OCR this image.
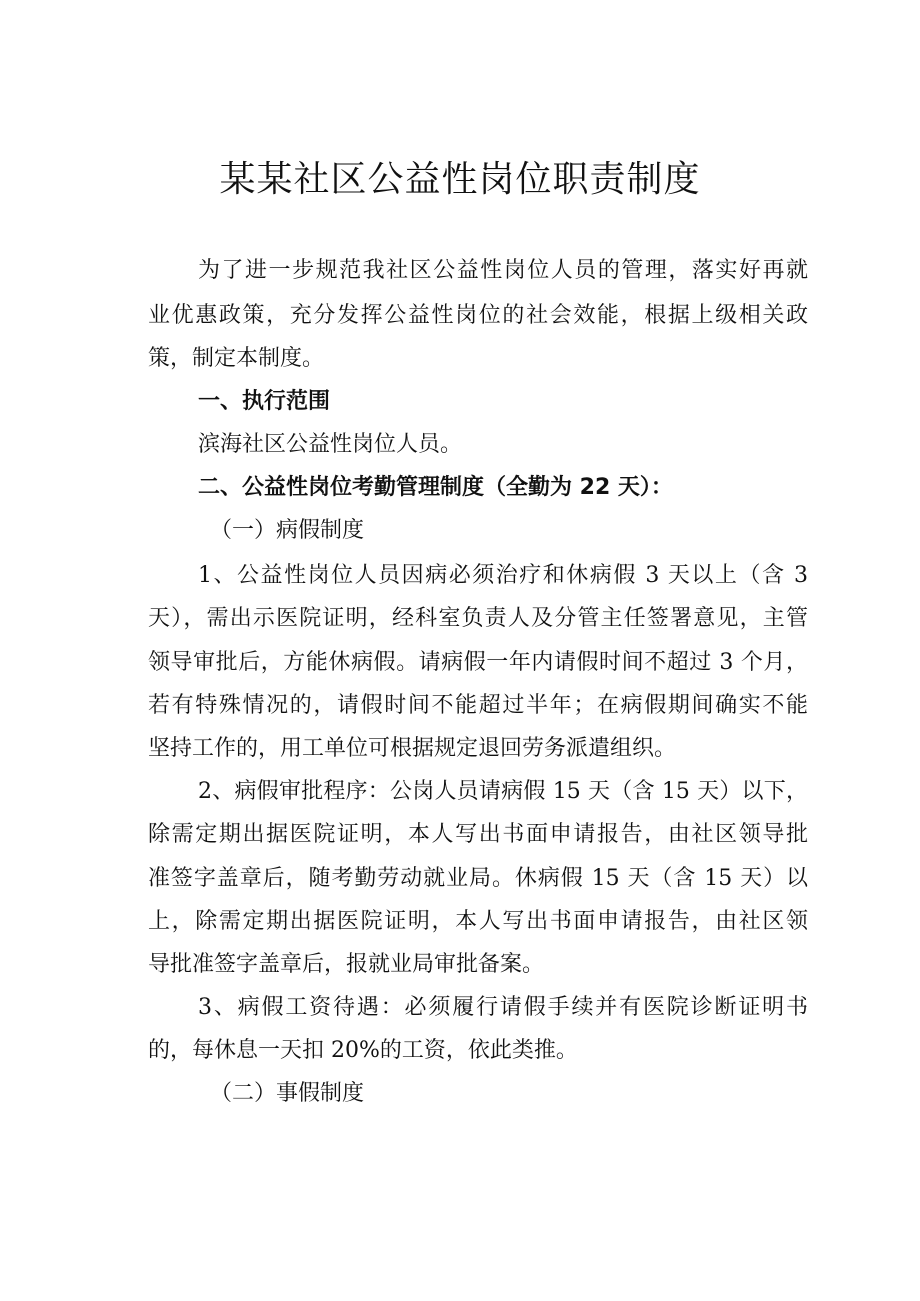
某某社区公益性岗位职责制度

为了进一步规范我社区公益性岗位人员的管理，落实好再就

业优惠政策，充分发挥公益性岗位的社会效能，根据上级相关政

策，制定本制度。

一、执行范围

滨海社区公益性岗位人员。

二、公益性岗位考勤管理制度（全勤为 22 天）：

（一）病假制度

1、公益性岗位人员因病必须治疗和休病假 3 天以上（含 3

天），需出示医院证明，经科室负责人及分管主任签署意见，主管

领导审批后，方能休病假。请病假一年内请假时间不超过 3 个月，

若有特殊情况的，请假时间不能超过半年；在病假期间确实不能

坚持工作的，用工单位可根据规定退回劳务派遣组织。

2、病假审批程序：公岗人员请病假 15 天（含 15 天）以下，

除需定期出据医院证明，本人写出书面申请报告，由社区领导批

准签字盖章后，随考勤劳动就业局。休病假 15 天（含 15 天）以

上，除需定期出据医院证明，本人写出书面申请报告，由社区领

导批准签字盖章后，报就业局审批备案。

3、病假工资待遇：必须履行请假手续并有医院诊断证明书

的，每休息一天扣 20%的工资，依此类推。

（二）事假制度
